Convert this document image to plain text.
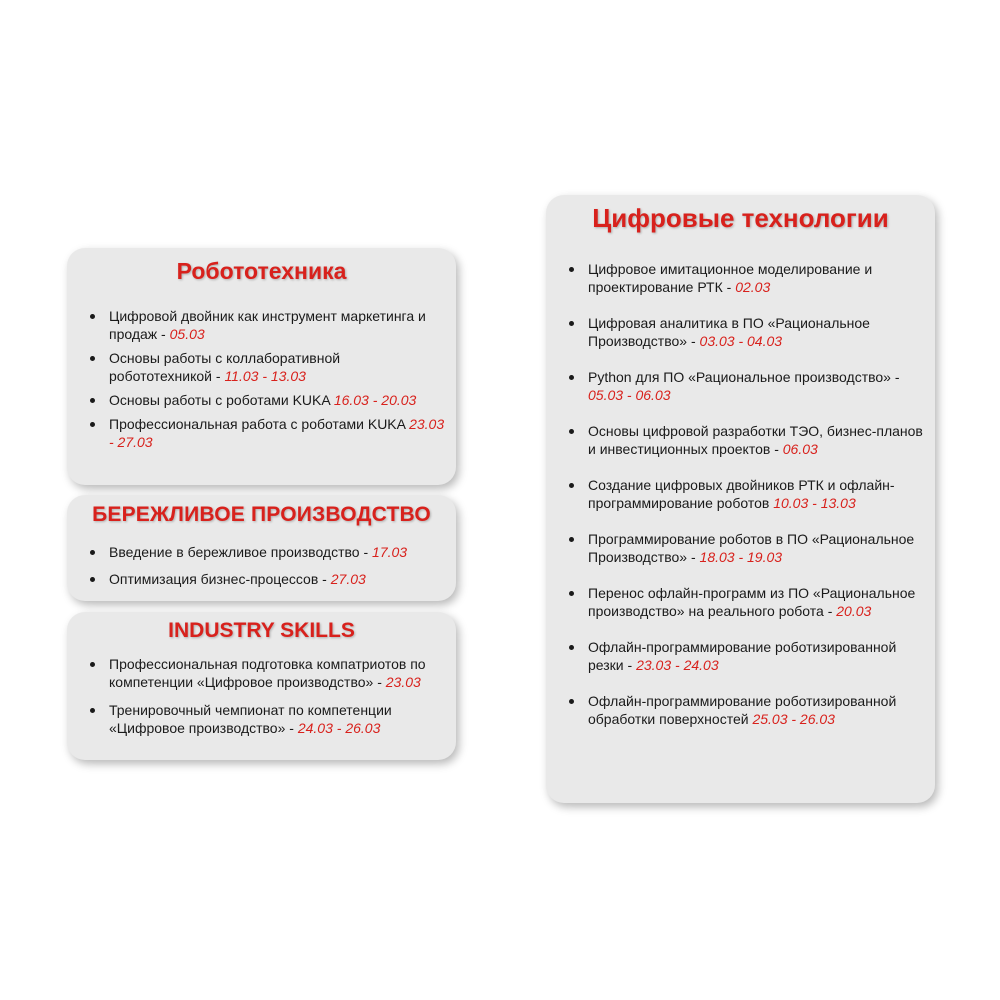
Робототехника
Цифровой двойник как инструмент маркетинга и продаж - 05.03
Основы работы с коллаборативной робототехникой - 11.03 - 13.03
Основы работы с роботами KUKA 16.03 - 20.03
Профессиональная работа с роботами KUKA 23.03 - 27.03
БЕРЕЖЛИВОЕ ПРОИЗВОДСТВО
Введение в бережливое производство - 17.03
Оптимизация бизнес-процессов - 27.03
INDUSTRY SKILLS
Профессиональная подготовка компатриотов по компетенции «Цифровое производство» - 23.03
Тренировочный чемпионат по компетенции «Цифровое производство» - 24.03 - 26.03
Цифровые технологии
Цифровое имитационное моделирование и проектирование РТК - 02.03
Цифровая аналитика в ПО «Рациональное Производство» - 03.03 - 04.03
Python для ПО «Рациональное производство» - 05.03 - 06.03
Основы цифровой разработки ТЭО, бизнес-планов и инвестиционных проектов - 06.03
Создание цифровых двойников РТК и офлайн-программирование роботов 10.03 - 13.03
Программирование роботов в ПО «Рациональное Производство» - 18.03 - 19.03
Перенос офлайн-программ из ПО «Рациональное производство» на реального робота - 20.03
Офлайн-программирование роботизированной резки - 23.03 - 24.03
Офлайн-программирование роботизированной обработки поверхностей 25.03 - 26.03
